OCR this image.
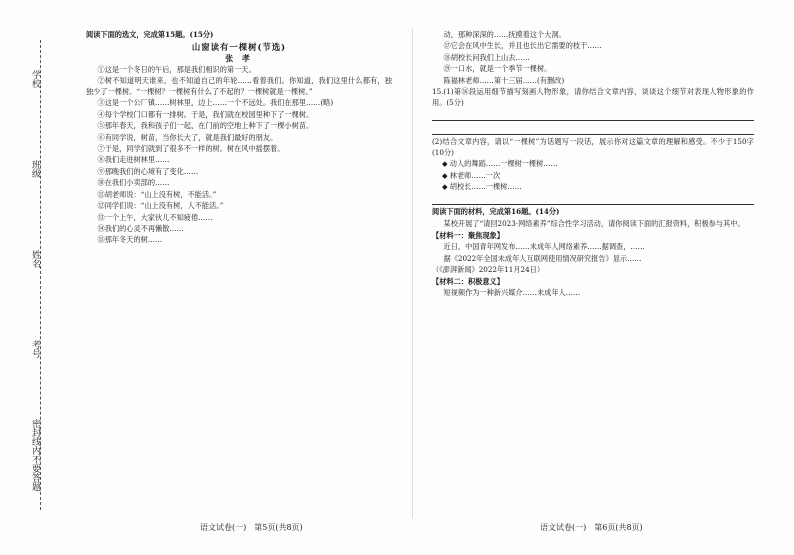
学校
班级
姓名
考号
密封线内不要答题

阅读下面的选文，完成第15题。(15分)

山窗读有一棵树(节选)
张 孝

①这是一个冬日的午后，那是我们相识的第一天。

②树不知道明天谁来，也不知道自己的年轮……看着我们。你知道，我们这里什么都有，独独少了一棵树。“一棵树？一棵树有什么了不起的？一棵树就是一棵树。”

③这是一个公厂镇……树林里，边上……一个不远处。我们在那里……(略)

④每个学校门口都有一排树。于是，我们就在校园里种下了一棵树。

⑤那年春天，我和孩子们一起，在门前的空地上种下了一棵小树苗。

⑥有同学说，树苗，当你长大了，就是我们最好的朋友。

⑦于是，同学们就到了很多不一样的树。树在风中摇摆着。

⑧我们走进树林里……

⑨那晚我们的心境有了变化……

⑩在我们小卖部的……

⑪胡老师说：“山上没有树，不能活。”

⑫同学们说：“山上没有树，人不能活。”

⑬一个上午，大家伙儿不知疲倦……

⑭我们的心灵不再懒散……

⑮那年冬天的树……

动，那种深深的……抚摸着这个大洞。

⑰它会在风中生长，并且也长出它需要的枝干……

⑱胡校长问我们上山去……

⑲一口水，就是一个季节一棵树。

陈福林老师……第十三届……(有删改)

15.(1)第⑯段运用细节描写刻画人物形象，请你结合文章内容，谈谈这个细节对表现人物形象的作用。(5分)

(2)结合文章内容，请以“一棵树”为话题写一段话，展示你对这篇文章的理解和感受。不少于150字(10分)

◆ 动人的舞蹈……一棵树一棵树……

◆ 林老师……一次

◆ 胡校长……一棵树……

阅读下面的材料，完成第16题。(14分)

某校开展了“请回2023·网络素养”综合性学习活动，请你阅读下面的汇报资料，积极参与其中。

【材料一：聚焦现象】

近日，中国青年网发布……未成年人网络素养……据调查，……

据《2022年全国未成年人互联网使用情况研究报告》显示……

（《澎湃新闻》2022年11月24日）

【材料二：积极意义】

短视频作为一种新兴媒介……未成年人……

语文试卷(一)　第5页(共8页)	语文试卷(一)　第6页(共8页)
